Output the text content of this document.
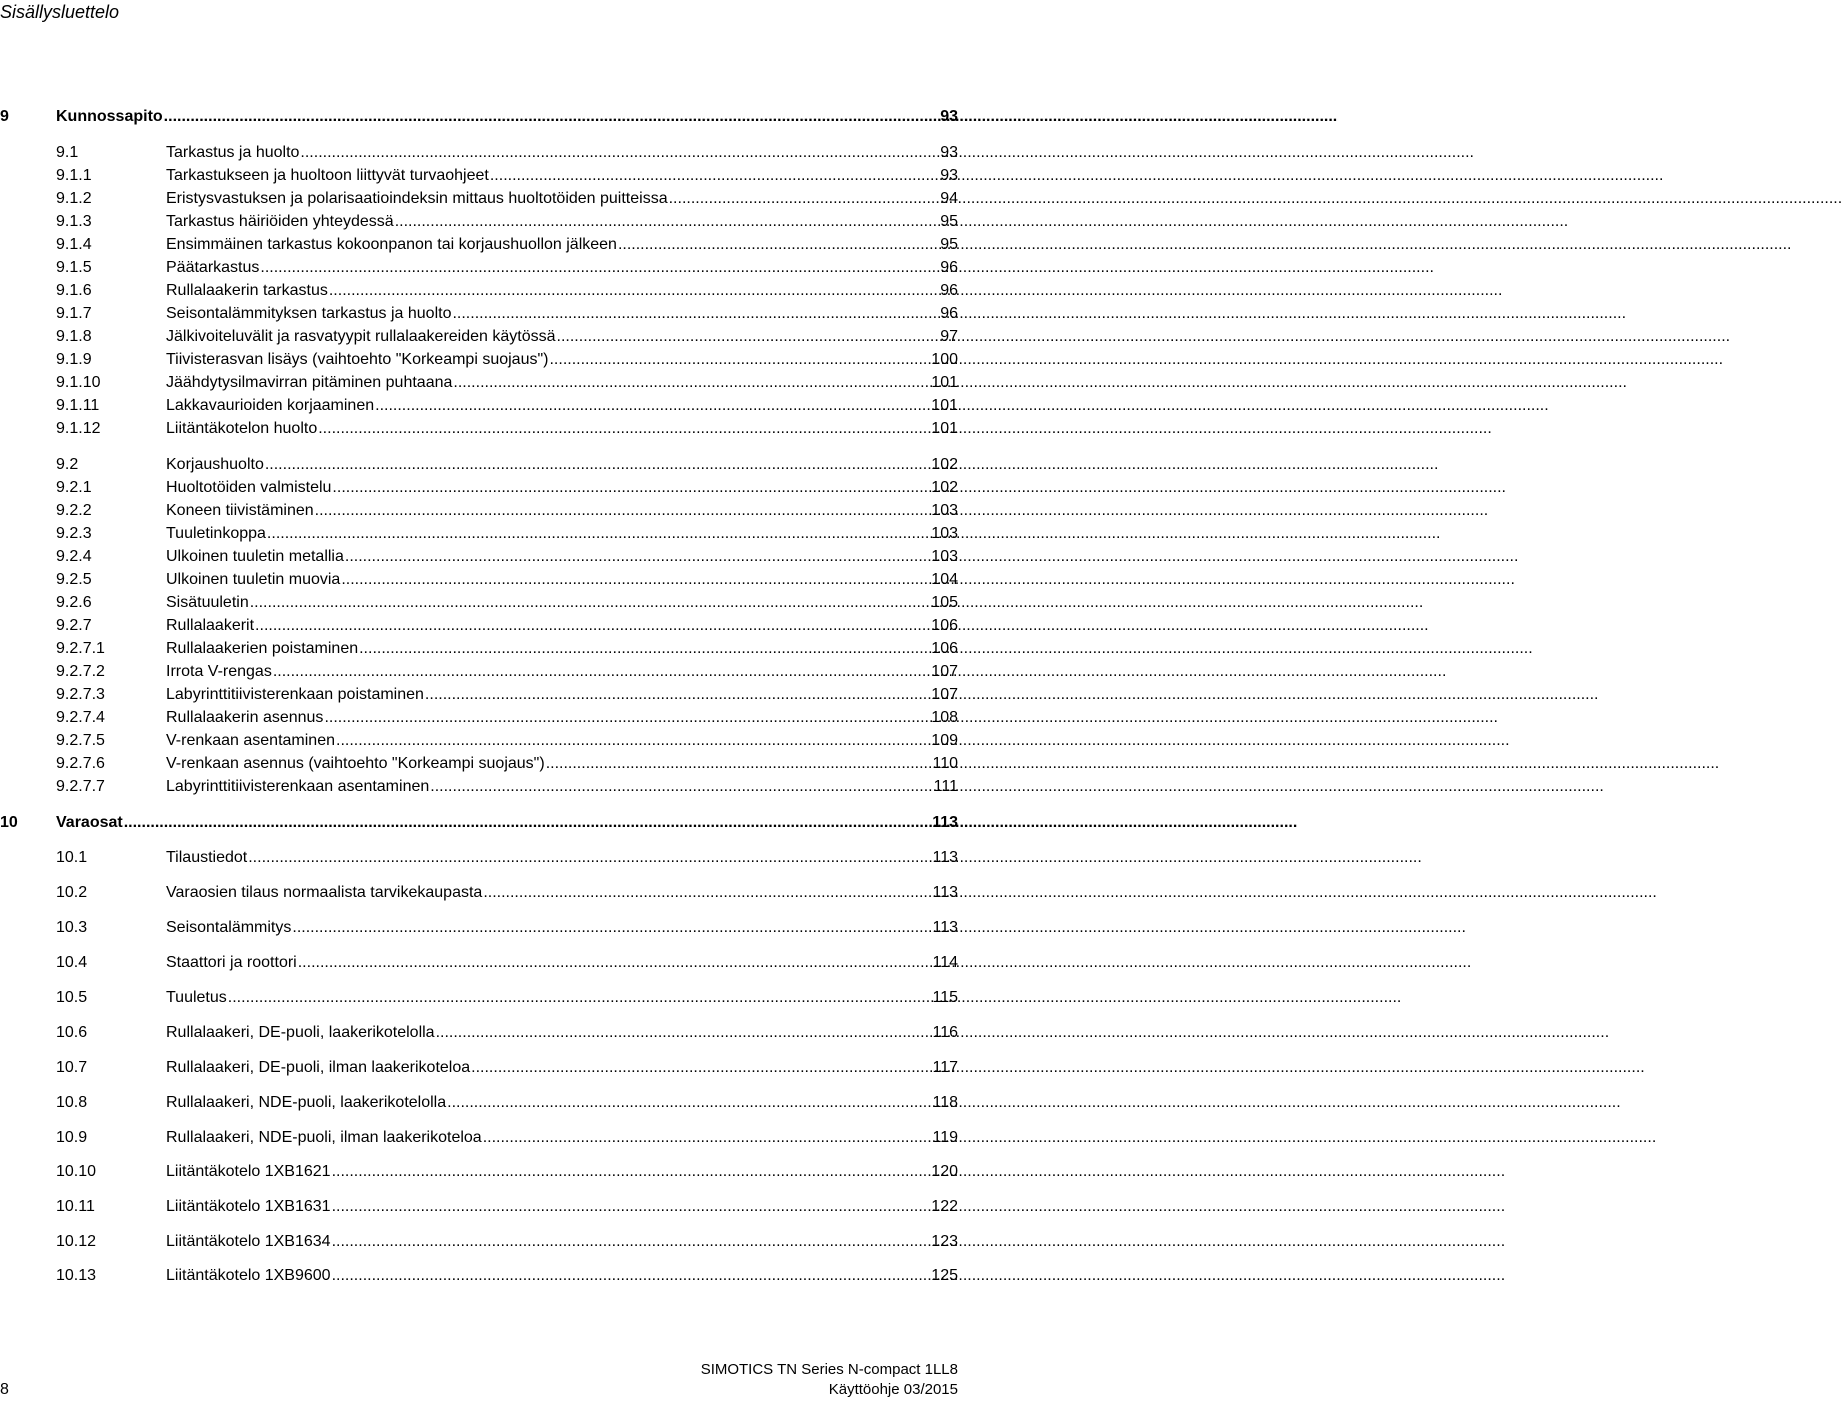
Sisällysluettelo
9	Kunnossapito .....	93
9.1	Tarkastus ja huolto .....	93
9.1.1	Tarkastukseen ja huoltoon liittyvät turvaohjeet .....	93
9.1.2	Eristysvastuksen ja polarisaatioindeksin mittaus huoltotöiden puitteissa .....	94
9.1.3	Tarkastus häiriöiden yhteydessä .....	95
9.1.4	Ensimmäinen tarkastus kokoonpanon tai korjaushuollon jälkeen .....	95
9.1.5	Päätarkastus .....	96
9.1.6	Rullalaakerin tarkastus .....	96
9.1.7	Seisontalämmityksen tarkastus ja huolto .....	96
9.1.8	Jälkivoiteluvälit ja rasvatyypit rullalaakereiden käytössä .....	97
9.1.9	Tiivisterasvan lisäys (vaihtoehto "Korkeampi suojaus") .....	100
9.1.10	Jäähdytysilmavirran pitäminen puhtaana .....	101
9.1.11	Lakkavaurioiden korjaaminen .....	101
9.1.12	Liitäntäkotelon huolto .....	101
9.2	Korjaushuolto .....	102
9.2.1	Huoltotöiden valmistelu .....	102
9.2.2	Koneen tiivistäminen .....	103
9.2.3	Tuuletinkoppa .....	103
9.2.4	Ulkoinen tuuletin metallia .....	103
9.2.5	Ulkoinen tuuletin muovia .....	104
9.2.6	Sisätuuletin .....	105
9.2.7	Rullalaakerit .....	106
9.2.7.1	Rullalaakerien poistaminen .....	106
9.2.7.2	Irrota V-rengas .....	107
9.2.7.3	Labyrinttitiivisterenkaan poistaminen .....	107
9.2.7.4	Rullalaakerin asennus .....	108
9.2.7.5	V-renkaan asentaminen .....	109
9.2.7.6	V-renkaan asennus (vaihtoehto "Korkeampi suojaus") .....	110
9.2.7.7	Labyrinttitiivisterenkaan asentaminen .....	111
10	Varaosat .....	113
10.1	Tilaustiedot .....	113
10.2	Varaosien tilaus normaalista tarvikekaupasta .....	113
10.3	Seisontalämmitys .....	113
10.4	Staattori ja roottori .....	114
10.5	Tuuletus .....	115
10.6	Rullalaakeri, DE-puoli, laakerikotelolla .....	116
10.7	Rullalaakeri, DE-puoli, ilman laakerikoteloa .....	117
10.8	Rullalaakeri, NDE-puoli, laakerikotelolla .....	118
10.9	Rullalaakeri, NDE-puoli, ilman laakerikoteloa .....	119
10.10	Liitäntäkotelo 1XB1621 .....	120
10.11	Liitäntäkotelo 1XB1631 .....	122
10.12	Liitäntäkotelo 1XB1634 .....	123
10.13	Liitäntäkotelo 1XB9600 .....	125
8
SIMOTICS TN Series N-compact 1LL8
Käyttöohje 03/2015
